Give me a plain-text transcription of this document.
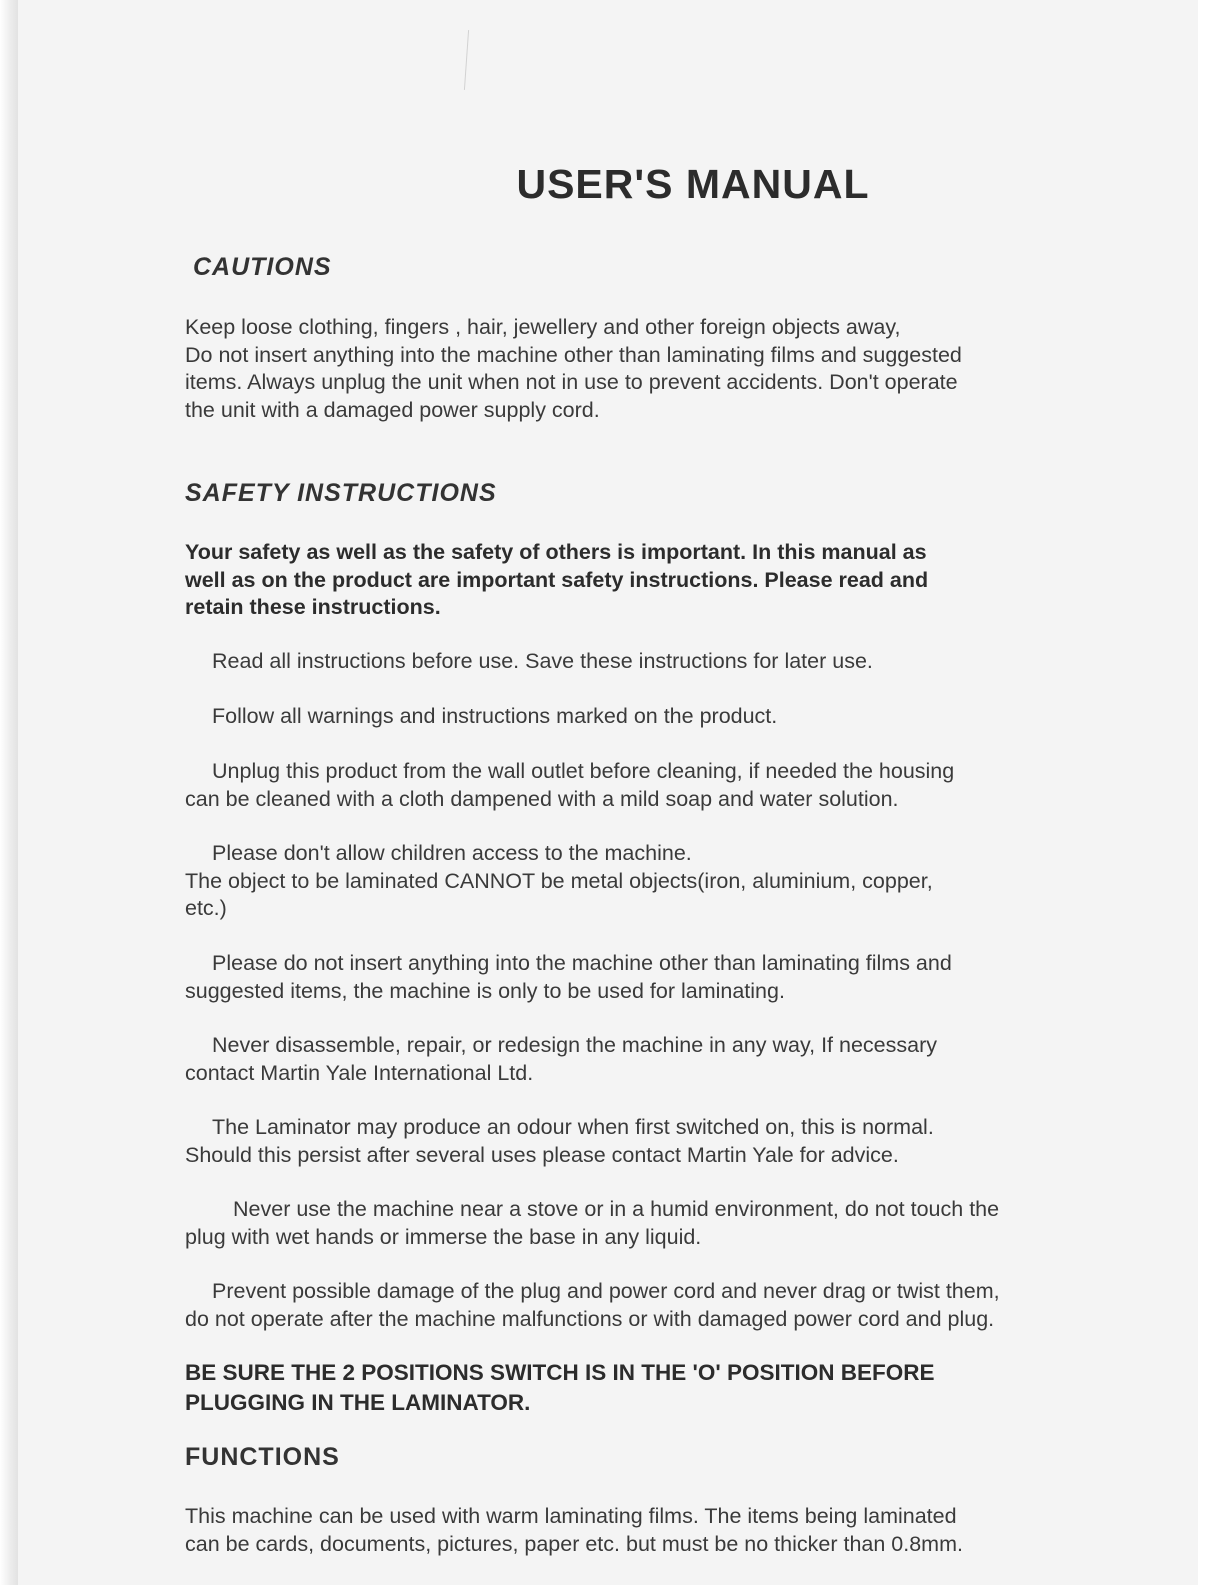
USER'S MANUAL
CAUTIONS

Keep loose clothing, fingers , hair, jewellery and other foreign objects away,
Do not insert anything into the machine other than laminating films and suggested
items. Always unplug the unit when not in use to prevent accidents. Don't operate
the unit with a damaged power supply cord.

SAFETY INSTRUCTIONS

Your safety as well as the safety of others is important. In this manual as
well as on the product are important safety instructions. Please read and
retain these instructions.

Read all instructions before use. Save these instructions for later use.

Follow all warnings and instructions marked on the product.

Unplug this product from the wall outlet before cleaning, if needed the housing
can be cleaned with a cloth dampened with a mild soap and water solution.

Please don't allow children access to the machine.
The object to be laminated CANNOT be metal objects(iron, aluminium, copper,
etc.)

Please do not insert anything into the machine other than laminating films and
suggested items, the machine is only to be used for laminating.

Never disassemble, repair, or redesign the machine in any way, If necessary
contact Martin Yale International Ltd.

The Laminator may produce an odour when first switched on, this is normal.
Should this persist after several uses please contact Martin Yale for advice.

Never use the machine near a stove or in a humid environment, do not touch the
plug with wet hands or immerse the base in any liquid.

Prevent possible damage of the plug and power cord and never drag or twist them,
do not operate after the machine malfunctions or with damaged power cord and plug.

BE SURE THE 2 POSITIONS SWITCH IS IN THE 'O' POSITION BEFORE
PLUGGING IN THE LAMINATOR.

FUNCTIONS

This machine can be used with warm laminating films. The items being laminated
can be cards, documents, pictures, paper etc. but must be no thicker than 0.8mm.
